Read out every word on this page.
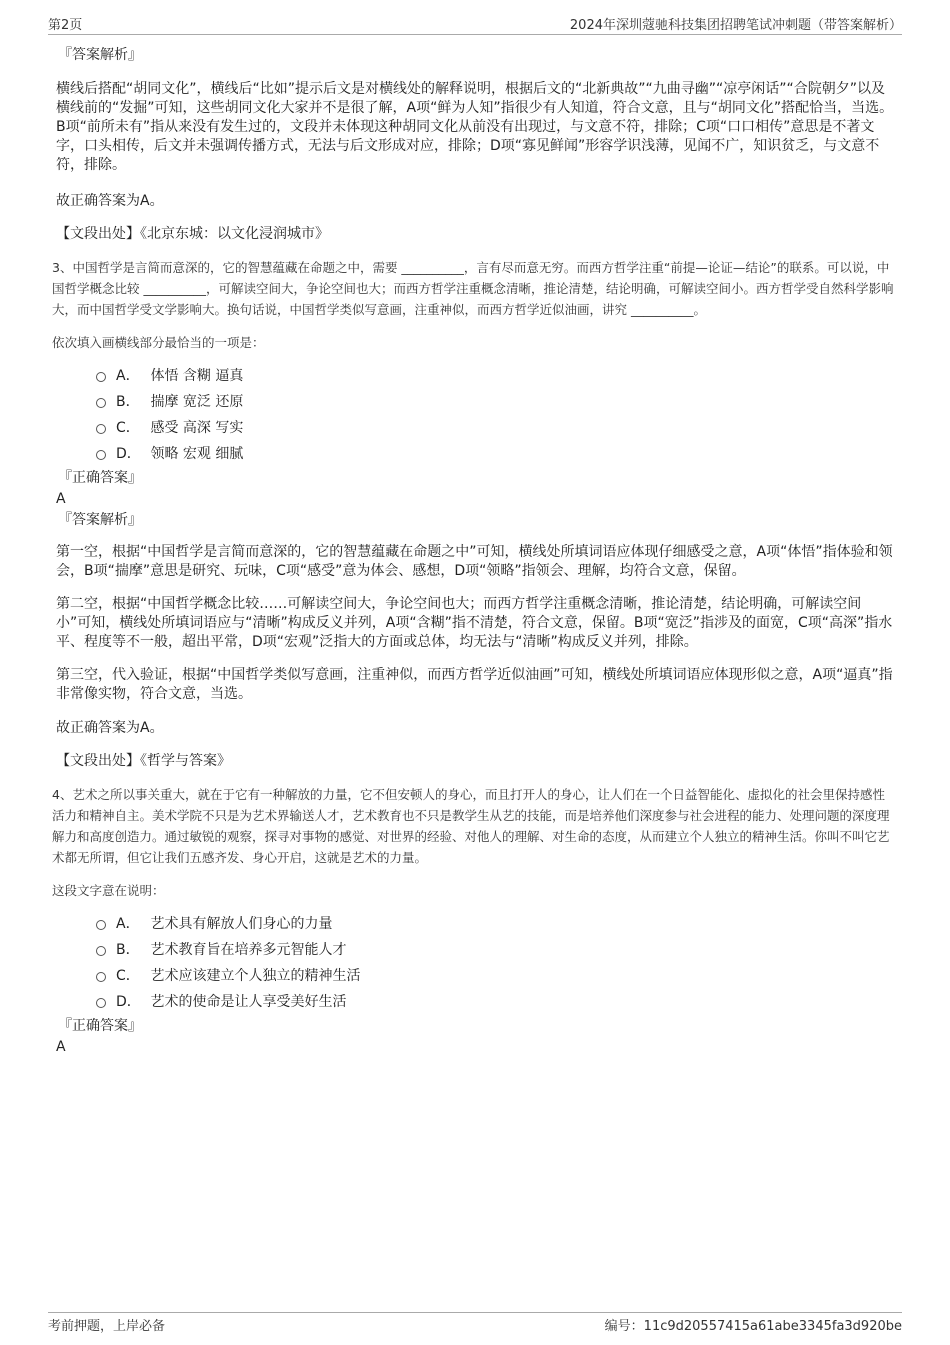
第2页	2024年深圳蔻驰科技集团招聘笔试冲刺题（带答案解析）
『答案解析』

横线后搭配“胡同文化”，横线后“比如”提示后文是对横线处的解释说明，根据后文的“北新典故”“九曲寻幽”“凉亭闲话”“合院朝夕”以及横线前的“发掘”可知，这些胡同文化大家并不是很了解，A项“鲜为人知”指很少有人知道，符合文意，且与“胡同文化”搭配恰当，当选。B项“前所未有”指从来没有发生过的，文段并未体现这种胡同文化从前没有出现过，与文意不符，排除；C项“口口相传”意思是不著文字，口头相传，后文并未强调传播方式，无法与后文形成对应，排除；D项“寡见鲜闻”形容学识浅薄，见闻不广，知识贫乏，与文意不符，排除。

故正确答案为A。

【文段出处】《北京东城：以文化浸润城市》

3、中国哲学是言简而意深的，它的智慧蕴藏在命题之中，需要 __________，言有尽而意无穷。而西方哲学注重“前提—论证—结论”的联系。可以说，中国哲学概念比较 __________，可解读空间大，争论空间也大；而西方哲学注重概念清晰，推论清楚，结论明确，可解读空间小。西方哲学受自然科学影响大，而中国哲学受文学影响大。换句话说，中国哲学类似写意画，注重神似，而西方哲学近似油画，讲究 __________。

依次填入画横线部分最恰当的一项是：

A． 体悟 含糊 逼真
B． 揣摩 宽泛 还原
C． 感受 高深 写实
D． 领略 宏观 细腻
『正确答案』
A
『答案解析』

第一空，根据“中国哲学是言简而意深的，它的智慧蕴藏在命题之中”可知，横线处所填词语应体现仔细感受之意，A项“体悟”指体验和领会，B项“揣摩”意思是研究、玩味，C项“感受”意为体会、感想，D项“领略”指领会、理解，均符合文意，保留。

第二空，根据“中国哲学概念比较……可解读空间大，争论空间也大；而西方哲学注重概念清晰，推论清楚，结论明确，可解读空间小”可知，横线处所填词语应与“清晰”构成反义并列，A项“含糊”指不清楚，符合文意，保留。B项“宽泛”指涉及的面宽，C项“高深”指水平、程度等不一般，超出平常，D项“宏观”泛指大的方面或总体，均无法与“清晰”构成反义并列，排除。

第三空，代入验证，根据“中国哲学类似写意画，注重神似，而西方哲学近似油画”可知，横线处所填词语应体现形似之意，A项“逼真”指非常像实物，符合文意，当选。

故正确答案为A。

【文段出处】《哲学与答案》

4、艺术之所以事关重大，就在于它有一种解放的力量，它不但安顿人的身心，而且打开人的身心，让人们在一个日益智能化、虚拟化的社会里保持感性活力和精神自主。美术学院不只是为艺术界输送人才，艺术教育也不只是教学生从艺的技能，而是培养他们深度参与社会进程的能力、处理问题的深度理解力和高度创造力。通过敏锐的观察，探寻对事物的感觉、对世界的经验、对他人的理解、对生命的态度，从而建立个人独立的精神生活。你叫不叫它艺术都无所谓，但它让我们五感齐发、身心开启，这就是艺术的力量。

这段文字意在说明：

A． 艺术具有解放人们身心的力量
B． 艺术教育旨在培养多元智能人才
C． 艺术应该建立个人独立的精神生活
D． 艺术的使命是让人享受美好生活
『正确答案』
A
考前押题，上岸必备	编号：11c9d20557415a61abe3345fa3d920be
